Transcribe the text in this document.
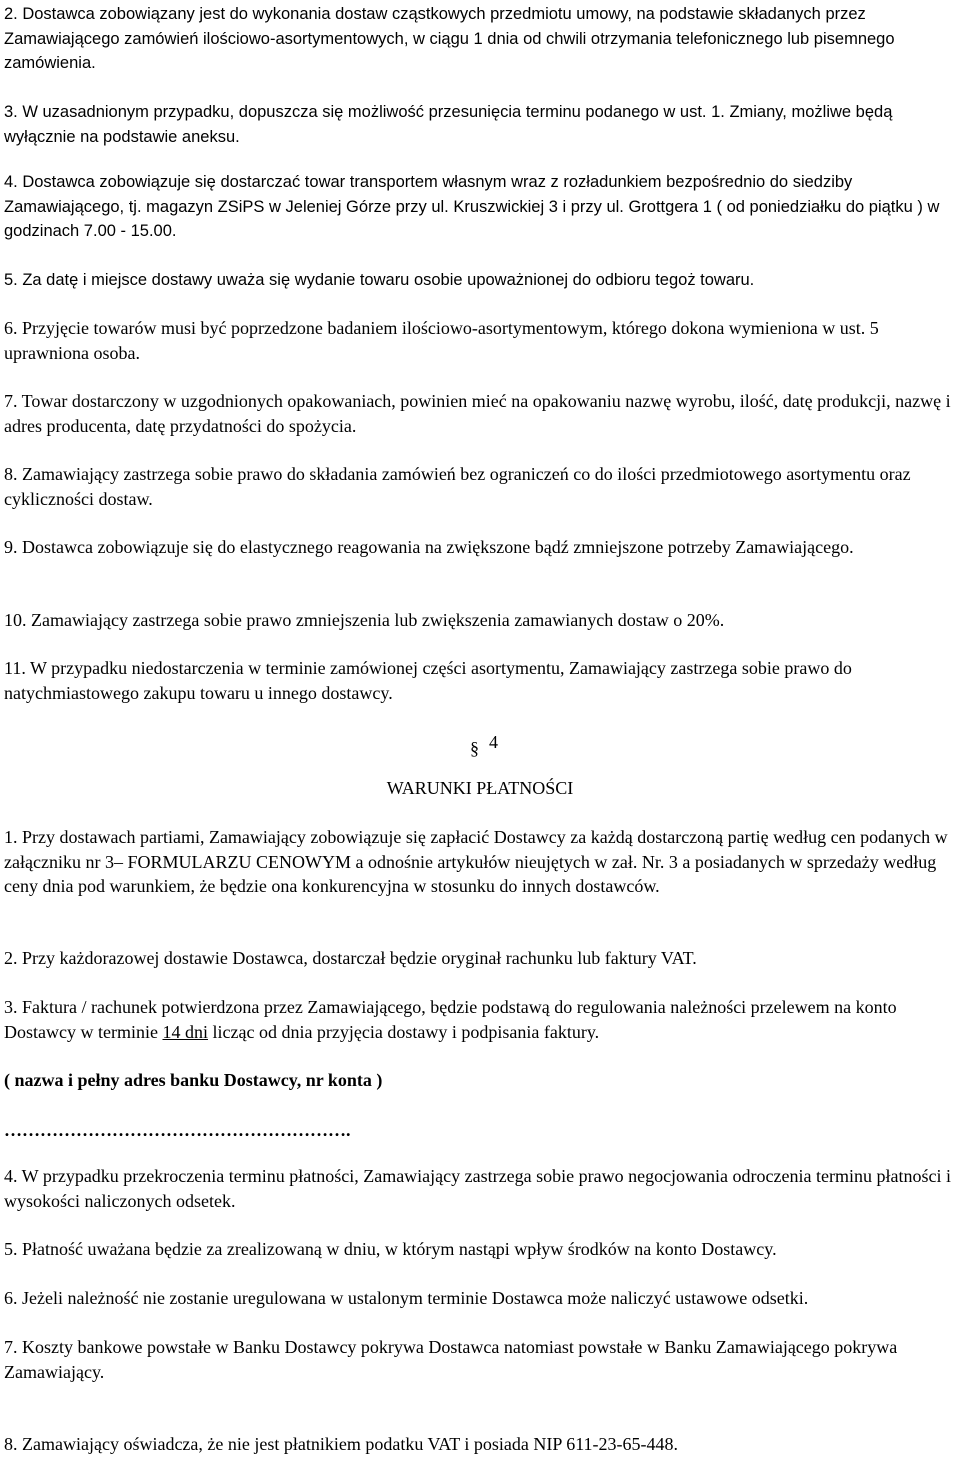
2. Dostawca zobowiązany jest do wykonania dostaw cząstkowych przedmiotu umowy, na podstawie składanych przez Zamawiającego zamówień ilościowo-asortymentowych, w ciągu 1 dnia od chwili otrzymania telefonicznego lub pisemnego zamówienia.

3. W uzasadnionym przypadku, dopuszcza się możliwość przesunięcia terminu podanego w ust. 1. Zmiany, możliwe będą wyłącznie na podstawie aneksu.

4. Dostawca zobowiązuje się dostarczać towar transportem własnym wraz z rozładunkiem bezpośrednio do siedziby Zamawiającego, tj. magazyn ZSiPS w Jeleniej Górze przy ul. Kruszwickiej 3 i przy ul. Grottgera 1 ( od poniedziałku do piątku ) w godzinach 7.00 - 15.00.

5. Za datę i miejsce dostawy uważa się wydanie towaru osobie upoważnionej do odbioru tegoż towaru.

6. Przyjęcie towarów musi być poprzedzone badaniem ilościowo-asortymentowym, którego dokona wymieniona w ust. 5 uprawniona osoba.

7. Towar dostarczony w uzgodnionych opakowaniach, powinien mieć na opakowaniu nazwę wyrobu, ilość, datę produkcji, nazwę i adres producenta, datę przydatności do spożycia.

8. Zamawiający zastrzega sobie prawo do składania zamówień bez ograniczeń co do ilości przedmiotowego asortymentu oraz cykliczności dostaw.

9. Dostawca zobowiązuje się do elastycznego reagowania na zwiększone bądź zmniejszone potrzeby Zamawiającego.

10. Zamawiający zastrzega sobie prawo zmniejszenia lub zwiększenia zamawianych dostaw o 20%.

11. W przypadku niedostarczenia w terminie zamówionej części asortymentu, Zamawiający zastrzega sobie prawo do natychmiastowego zakupu towaru u innego dostawcy.

§ 4
WARUNKI PŁATNOŚCI

1. Przy dostawach partiami, Zamawiający zobowiązuje się zapłacić Dostawcy za każdą dostarczoną partię według cen podanych w załączniku nr 3– FORMULARZU CENOWYM a odnośnie artykułów nieujętych w zał. Nr. 3 a posiadanych w sprzedaży według ceny dnia pod warunkiem, że będzie ona konkurencyjna w stosunku do innych dostawców.

2. Przy każdorazowej dostawie Dostawca, dostarczał będzie oryginał rachunku lub faktury VAT.

3. Faktura / rachunek potwierdzona przez Zamawiającego, będzie podstawą do regulowania należności przelewem na konto Dostawcy w terminie 14 dni licząc od dnia przyjęcia dostawy i podpisania faktury.

( nazwa i pełny adres banku Dostawcy, nr konta )

………………………………………………….

4. W przypadku przekroczenia terminu płatności, Zamawiający zastrzega sobie prawo negocjowania odroczenia terminu płatności i wysokości naliczonych odsetek.

5. Płatność uważana będzie za zrealizowaną w dniu, w którym nastąpi wpływ środków na konto Dostawcy.

6. Jeżeli należność nie zostanie uregulowana w ustalonym terminie Dostawca może naliczyć ustawowe odsetki.

7. Koszty bankowe powstałe w Banku Dostawcy pokrywa Dostawca natomiast powstałe w Banku Zamawiającego pokrywa Zamawiający.

8. Zamawiający oświadcza, że nie jest płatnikiem podatku VAT i posiada NIP 611-23-65-448.
